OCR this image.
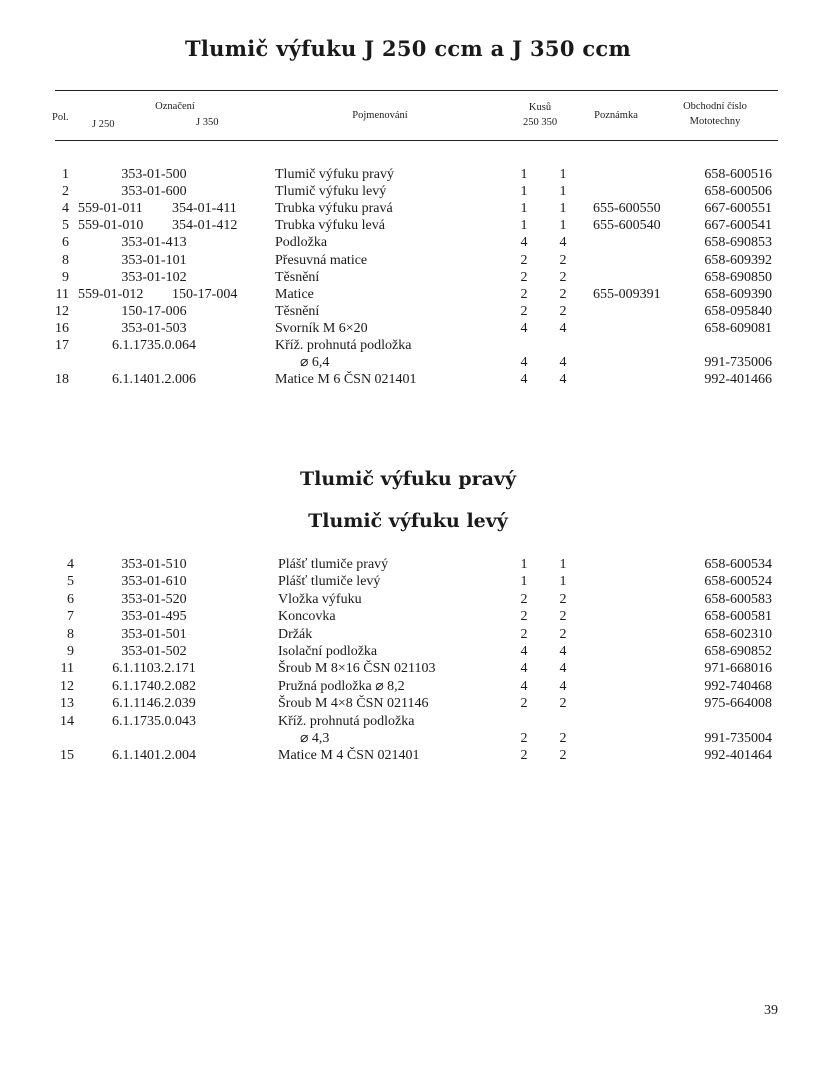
Tlumič výfuku J 250 ccm a J 350 ccm
Pol.
Označení
J 250	J 350
Pojmenování
Kusů
250 350
Poznámka
Obchodní číslo
Mototechny
1	353-01-500	Tlumič výfuku pravý	1	1	658-600516
2	353-01-600	Tlumič výfuku levý	1	1	658-600506
4 559-01-011	354-01-411	Trubka výfuku pravá	1	1	655-600550	667-600551
5 559-01-010	354-01-412	Trubka výfuku levá	1	1	655-600540	667-600541
6	353-01-413	Podložka	4	4	658-690853
8	353-01-101	Přesuvná matice	2	2	658-609392
9	353-01-102	Těsnění	2	2	658-690850
11 559-01-012	150-17-004	Matice	2	2	655-009391	658-609390
12	150-17-006	Těsnění	2	2	658-095840
16	353-01-503	Svorník M 6×20	4	4	658-609081
17	6.1.1735.0.064	Kříž. prohnutá podložka
⌀ 6,4	4	4	991-735006
18	6.1.1401.2.006	Matice M 6 ČSN 021401	4	4	992-401466
Tlumič výfuku pravý
Tlumič výfuku levý
4	353-01-510	Plášť tlumiče pravý	1	1	658-600534
5	353-01-610	Plášť tlumiče levý	1	1	658-600524
6	353-01-520	Vložka výfuku	2	2	658-600583
7	353-01-495	Koncovka	2	2	658-600581
8	353-01-501	Držák	2	2	658-602310
9	353-01-502	Isolační podložka	4	4	658-690852
11	6.1.1103.2.171	Šroub M 8×16 ČSN 021103	4	4	971-668016
12	6.1.1740.2.082	Pružná podložka ⌀ 8,2	4	4	992-740468
13	6.1.1146.2.039	Šroub M 4×8 ČSN 021146	2	2	975-664008
14	6.1.1735.0.043	Kříž. prohnutá podložka
⌀ 4,3	2	2	991-735004
15	6.1.1401.2.004	Matice M 4 ČSN 021401	2	2	992-401464
39
